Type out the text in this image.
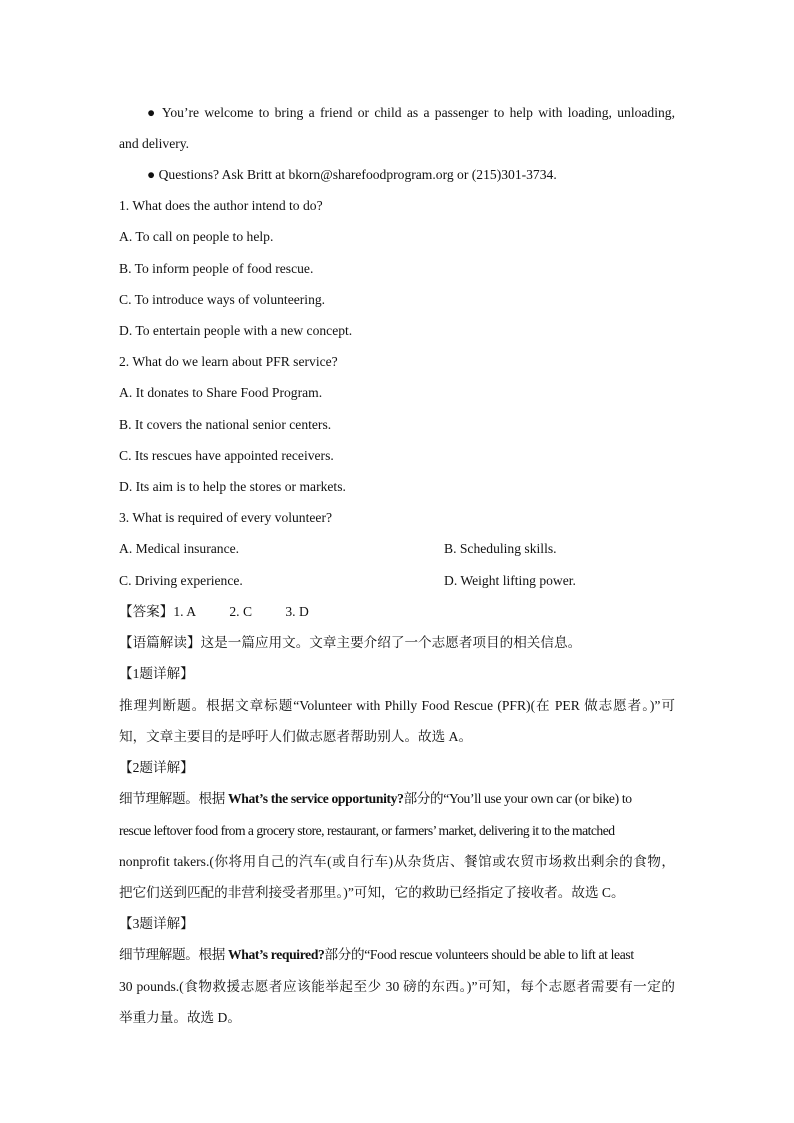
● You’re welcome to bring a friend or child as a passenger to help with loading, unloading,
and delivery.
● Questions? Ask Britt at bkorn@sharefoodprogram.org or (215)301-3734.
1. What does the author intend to do?
A. To call on people to help.
B. To inform people of food rescue.
C. To introduce ways of volunteering.
D. To entertain people with a new concept.
2. What do we learn about PFR service?
A. It donates to Share Food Program.
B. It covers the national senior centers.
C. Its rescues have appointed receivers.
D. Its aim is to help the stores or markets.
3. What is required of every volunteer?
A. Medical insurance.	B. Scheduling skills.
C. Driving experience.	D. Weight lifting power.
【答案】1. A 2. C 3. D
【语篇解读】这是一篇应用文。文章主要介绍了一个志愿者项目的相关信息。
【1题详解】
推理判断题。根据文章标题“Volunteer with Philly Food Rescue (PFR)(在 PER 做志愿者。)”可
知，文章主要目的是呼吁人们做志愿者帮助别人。故选 A。
【2题详解】
细节理解题。根据 What’s the service opportunity?部分的“You’ll use your own car (or bike) to
rescue leftover food from a grocery store, restaurant, or farmers’ market, delivering it to the matched
nonprofit takers.(你将用自己的汽车(或自行车)从杂货店、餐馆或农贸市场救出剩余的食物，
把它们送到匹配的非营利接受者那里。)”可知，它的救助已经指定了接收者。故选 C。
【3题详解】
细节理解题。根据 What’s required?部分的“Food rescue volunteers should be able to lift at least
30 pounds.(食物救援志愿者应该能举起至少 30 磅的东西。)”可知，每个志愿者需要有一定的
举重力量。故选 D。
